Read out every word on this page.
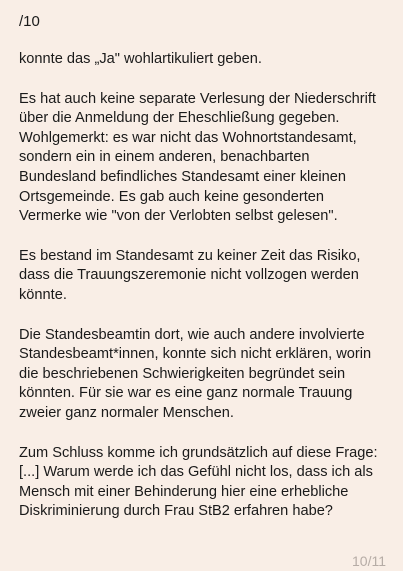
/10

konnte das „Ja" wohlartikuliert geben.

Es hat auch keine separate Verlesung der Niederschrift
über die Anmeldung der Eheschließung gegeben.
Wohlgemerkt: es war nicht das Wohnortstandesamt,
sondern ein in einem anderen, benachbarten
Bundesland befindliches Standesamt einer kleinen
Ortsgemeinde. Es gab auch keine gesonderten
Vermerke wie "von der Verlobten selbst gelesen".

Es bestand im Standesamt zu keiner Zeit das Risiko,
dass die Trauungszeremonie nicht vollzogen werden
könnte.

Die Standesbeamtin dort, wie auch andere involvierte
Standesbeamt*innen, konnte sich nicht erklären, worin
die beschriebenen Schwierigkeiten begründet sein
könnten. Für sie war es eine ganz normale Trauung
zweier ganz normaler Menschen.

Zum Schluss komme ich grundsätzlich auf diese Frage:
[...] Warum werde ich das Gefühl nicht los, dass ich als
Mensch mit einer Behinderung hier eine erhebliche
Diskriminierung durch Frau StB2 erfahren habe?

10/11
